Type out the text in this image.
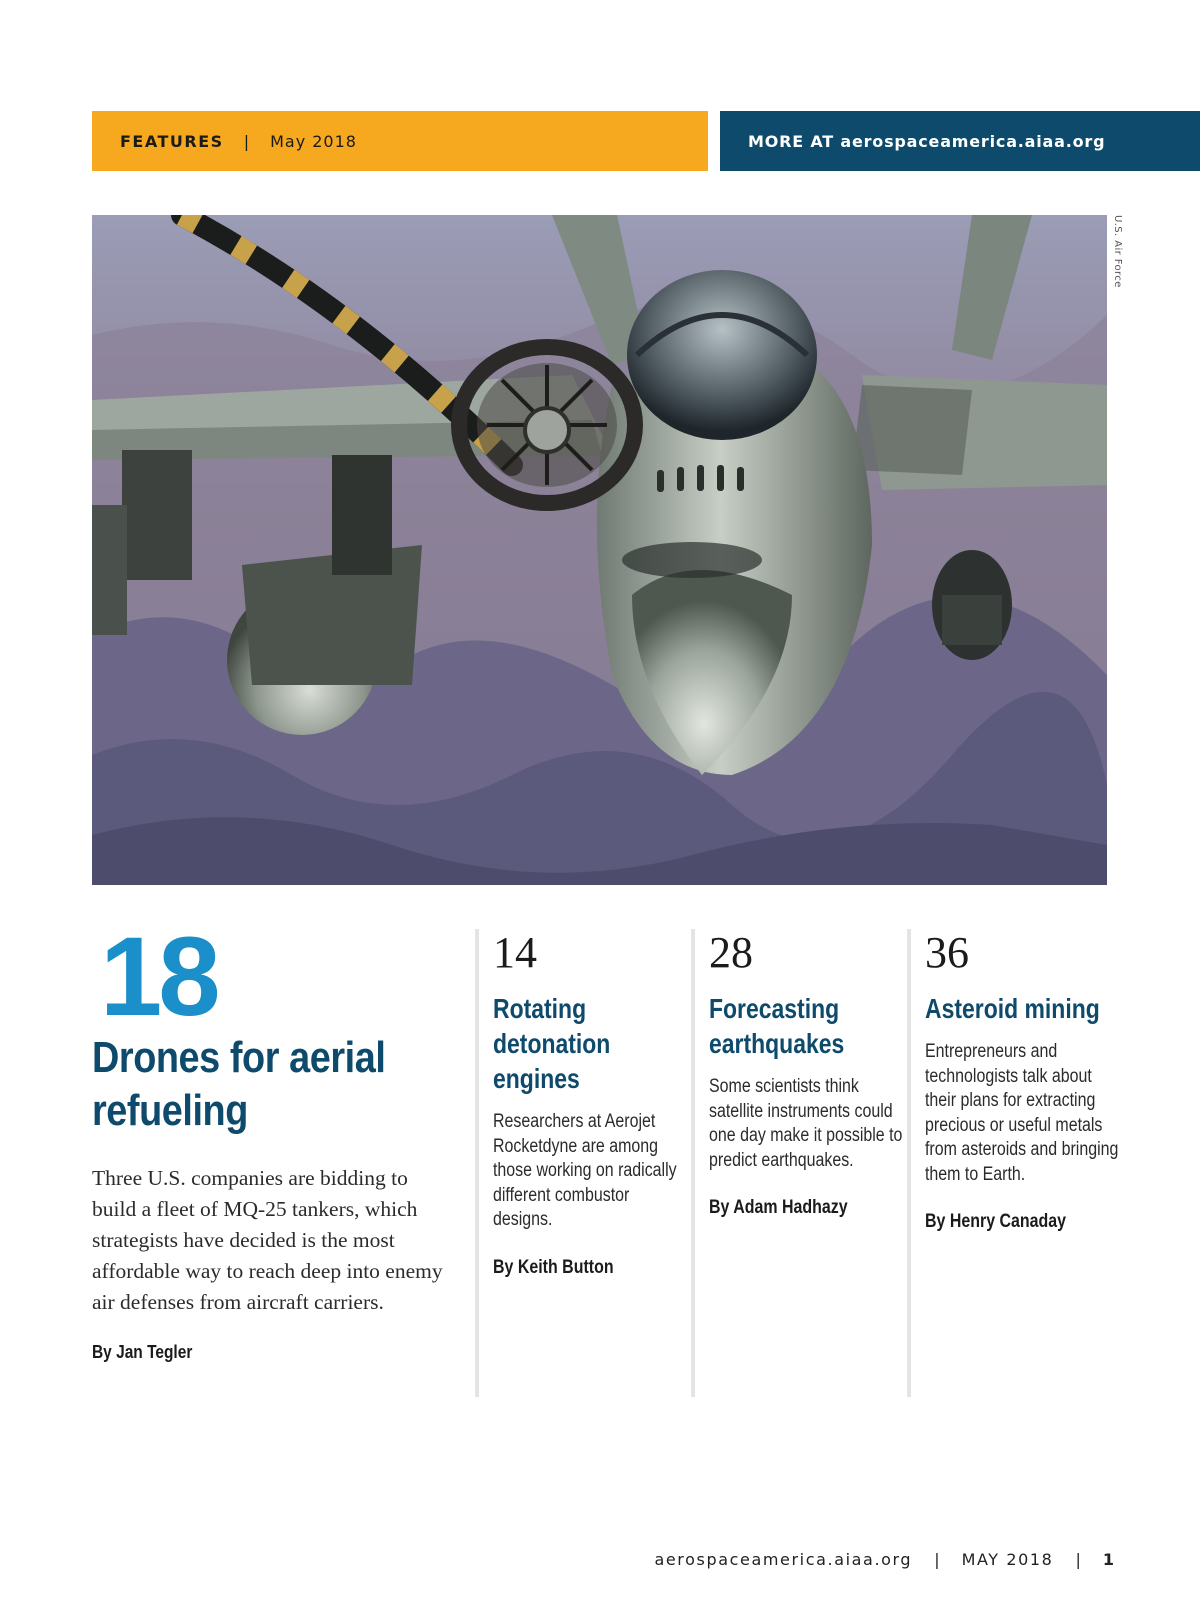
FEATURES | May 2018	MORE AT aerospaceamerica.aiaa.org
U.S. Air Force
18
Drones for aerial refueling
Three U.S. companies are bidding to build a fleet of MQ-25 tankers, which strategists have decided is the most affordable way to reach deep into enemy air defenses from aircraft carriers.
By Jan Tegler
14
Rotating detonation engines
Researchers at Aerojet Rocketdyne are among those working on radically different combustor designs.
By Keith Button
28
Forecasting earthquakes
Some scientists think satellite instruments could one day make it possible to predict earthquakes.
By Adam Hadhazy
36
Asteroid mining
Entrepreneurs and technologists talk about their plans for extracting precious or useful metals from asteroids and bringing them to Earth.
By Henry Canaday
aerospaceamerica.aiaa.org | MAY 2018 | 1
